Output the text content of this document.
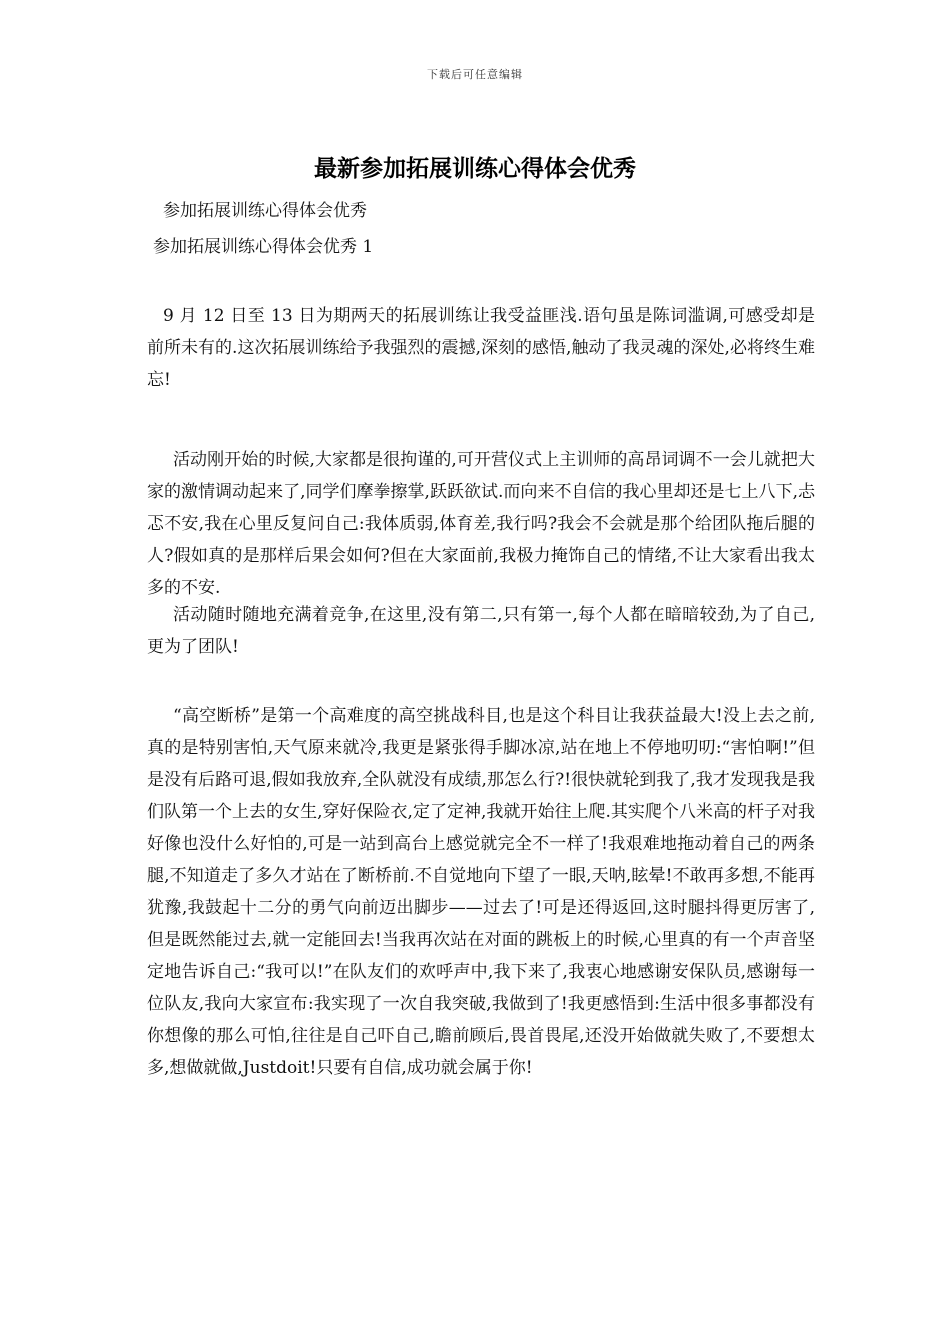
下载后可任意编辑
最新参加拓展训练心得体会优秀
参加拓展训练心得体会优秀
参加拓展训练心得体会优秀 1

9 月 12 日至 13 日为期两天的拓展训练让我受益匪浅.语句虽是陈词滥调,可感受却是前所未有的.这次拓展训练给予我强烈的震撼,深刻的感悟,触动了我灵魂的深处,必将终生难忘!

活动刚开始的时候,大家都是很拘谨的,可开营仪式上主训师的高昂词调不一会儿就把大家的激情调动起来了,同学们摩拳擦掌,跃跃欲试.而向来不自信的我心里却还是七上八下,忐忑不安,我在心里反复问自己:我体质弱,体育差,我行吗?我会不会就是那个给团队拖后腿的人?假如真的是那样后果会如何?但在大家面前,我极力掩饰自己的情绪,不让大家看出我太多的不安.

活动随时随地充满着竞争,在这里,没有第二,只有第一,每个人都在暗暗较劲,为了自己,更为了团队!

“高空断桥”是第一个高难度的高空挑战科目,也是这个科目让我获益最大!没上去之前,真的是特别害怕,天气原来就冷,我更是紧张得手脚冰凉,站在地上不停地叨叨:“害怕啊!”但是没有后路可退,假如我放弃,全队就没有成绩,那怎么行?!很快就轮到我了,我才发现我是我们队第一个上去的女生,穿好保险衣,定了定神,我就开始往上爬.其实爬个八米高的杆子对我好像也没什么好怕的,可是一站到高台上感觉就完全不一样了!我艰难地拖动着自己的两条腿,不知道走了多久才站在了断桥前.不自觉地向下望了一眼,天呐,眩晕!不敢再多想,不能再犹豫,我鼓起十二分的勇气向前迈出脚步——过去了!可是还得返回,这时腿抖得更厉害了,但是既然能过去,就一定能回去!当我再次站在对面的跳板上的时候,心里真的有一个声音坚定地告诉自己:“我可以!”在队友们的欢呼声中,我下来了,我衷心地感谢安保队员,感谢每一位队友,我向大家宣布:我实现了一次自我突破,我做到了!我更感悟到:生活中很多事都没有你想像的那么可怕,往往是自己吓自己,瞻前顾后,畏首畏尾,还没开始做就失败了,不要想太多,想做就做,Justdoit!只要有自信,成功就会属于你!
